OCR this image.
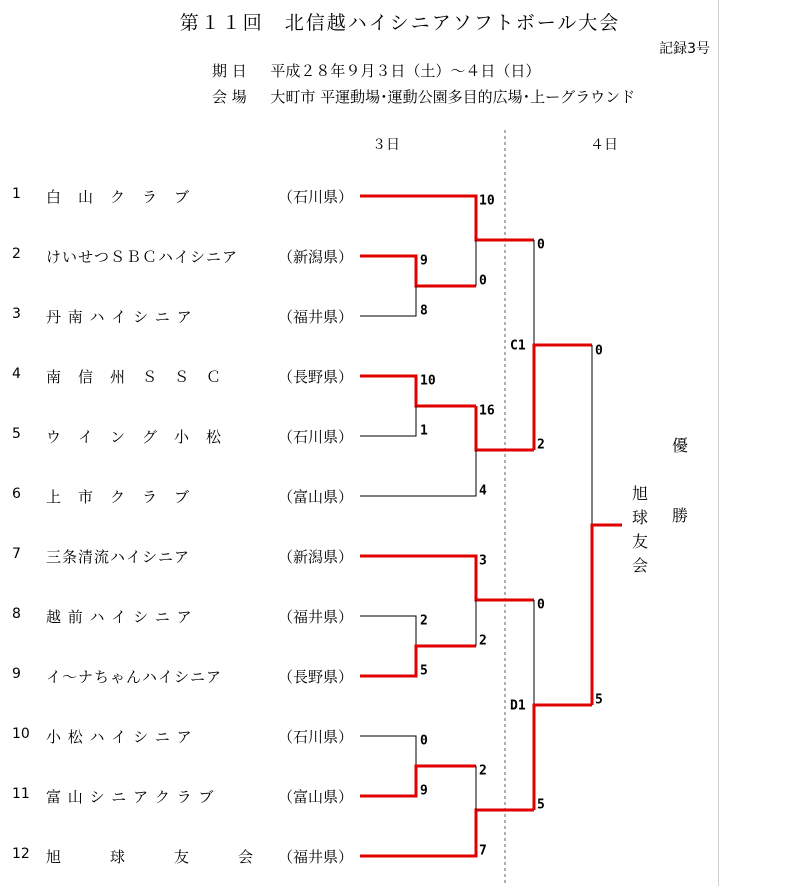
第１１回　北信越ハイシニアソフトボール大会
記録3号
期 日 平成２８年９月３日（土）～４日（日）
会 場 大町市 平運動場･運動公園多目的広場･上ーグラウンド
３日	４日
1 白　山　ク　ラ　ブ	（石川県）
2 けいせつＳＢＣハイシニア	（新潟県）
3 丹 南 ハ イ シ ニ ア	（福井県）
4 南　信　州　Ｓ　Ｓ　Ｃ	（長野県）
5 ウ　イ　ン　グ　小　松	（石川県）
6 上　市　ク　ラ　ブ	（富山県）
7 三条清流ハイシニア	（新潟県）
8 越 前 ハ イ シ ニ ア	（福井県）
9 イ～ナちゃんハイシニア	（長野県）
10 小 松 ハ イ シ ニ ア	（石川県）
11 富 山 シ ニ ア ク ラ ブ	（富山県）
12 旭　　　球　　　友　　　会 （福井県）
10
0
9
8
0
10
1
16
4
2
C1	0
3
2
5
2
0
0
9
2
7
5
D1	5
優
勝
旭
球
友
会
